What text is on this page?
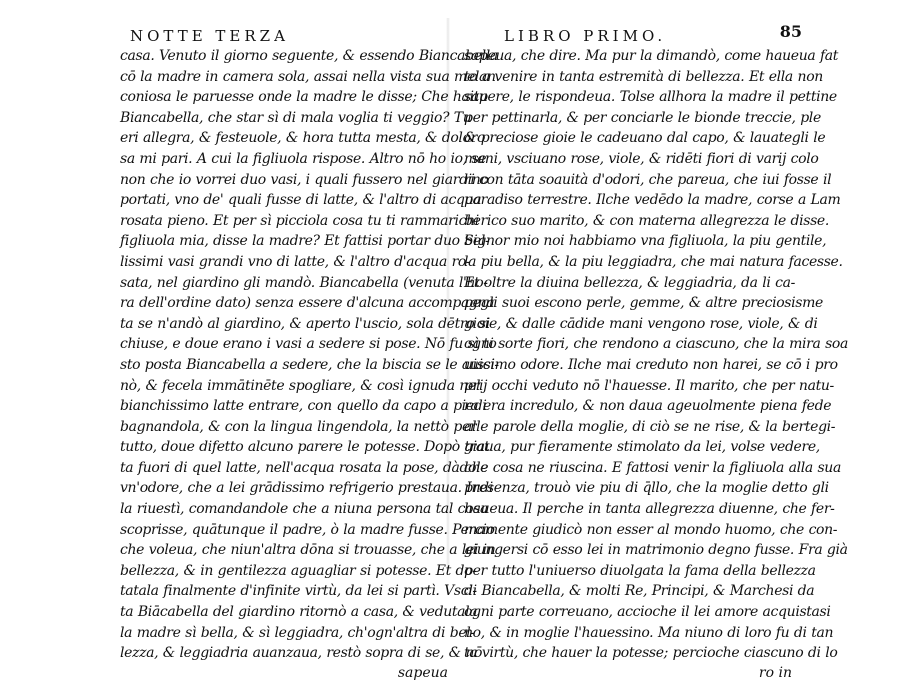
NOTTE TERZA
casa. Venuto il giorno seguente, & essendo Biancabella
cō la madre in camera sola, assai nella vista sua melan
coniosa le paruesse onde la madre le disse; Che haitu
Biancabella, che star sì di mala voglia ti veggio? Tu
eri allegra, & festeuole, & hora tutta mesta, & doloro
sa mi pari. A cui la figliuola rispose. Altro nō ho io, se
non che io vorrei duo vasi, i quali fussero nel giardino
portati, vno de' quali fusse di latte, & l'altro di acqua
rosata pieno. Et per sì picciola cosa tu ti rammarichi
figliuola mia, disse la madre? Et fattisi portar duo bel-
lissimi vasi grandi vno di latte, & l'altro d'acqua ro-
sata, nel giardino gli mandò. Biancabella (venuta l'ho-
ra dell'ordine dato) senza essere d'alcuna accompagna
ta se n'andò al giardino, & aperto l'uscio, sola dētro si
chiuse, e doue erano i vasi a sedere si pose. Nō fu sì to
sto posta Biancabella a sedere, che la biscia se le auici-
nò, & fecela immātinēte spogliare, & così ignuda nel
bianchissimo latte entrare, con quello da capo a piedi
bagnandola, & con la lingua lingendola, la nettò per
tutto, doue difetto alcuno parere le potesse. Dopò trat
ta fuori di quel latte, nell'acqua rosata la pose, dàdole
vn'odore, che a lei grādissimo refrigerio prestaua. Indi
la riuestì, comandandole che a niuna persona tal cosa
scoprisse, quātunque il padre, ò la madre fusse. Percio
che voleua, che niun'altra dōna si trouasse, che a lei in
bellezza, & in gentilezza aguagliar si potesse. Et do-
tatala finalmente d'infinite virtù, da lei si partì. Vsci-
ta Biācabella del giardino ritornò a casa, & vedutala
la madre sì bella, & sì leggiadra, ch'ogn'altra di bel-
lezza, & leggiadria auanzaua, restò sopra di se, & nō
sapeua
LIBRO PRIMO.	85
sapeua, che dire. Ma pur la dimandò, come haueua fat
to a venire in tanta estremità di bellezza. Et ella non
sapere, le rispondeua. Tolse allhora la madre il pettine
per pettinarla, & per conciarle le bionde treccie, ple
& preciose gioie le cadeuano dal capo, & lauategli le
mani, vsciuano rose, viole, & ridēti fiori di varij colo
ri con tāta soauità d'odori, che pareua, che iui fosse il
paradiso terrestre. Ilche vedēdo la madre, corse a Lam
berico suo marito, & con materna allegrezza le disse.
Signor mio noi habbiamo vna figliuola, la piu gentile,
la piu bella, & la piu leggiadra, che mai natura facesse.
Et oltre la diuina bellezza, & leggiadria, da li ca-
pegli suoi escono perle, gemme, & altre preciosisme
gioie, & dalle cādide mani vengono rose, viole, & di
ogni sorte fiori, che rendono a ciascuno, che la mira soa
uissimo odore. Ilche mai creduto non harei, se cō i pro
prij occhi veduto nō l'hauesse. Il marito, che per natu-
ra era incredulo, & non daua ageuolmente piena fede
alle parole della moglie, di ciò se ne rise, & la bertegi-
giaua, pur fieramente stimolato da lei, volse vedere,
che cosa ne riuscina. E fattosi venir la figliuola alla sua
presenza, trouò vie piu di q̄llo, che la moglie detto gli
haueua. Il perche in tanta allegrezza diuenne, che fer-
mamente giudicò non esser al mondo huomo, che con-
giungersi cō esso lei in matrimonio degno fusse. Fra già
per tutto l'uniuerso diuolgata la fama della bellezza
di Biancabella, & molti Re, Principi, & Marchesi da
ogni parte correuano, accioche il lei amore acquistasi
no, & in moglie l'hauessino. Ma niuno di loro fu di tan
ta virtù, che hauer la potesse; percioche ciascuno di lo
ro in
